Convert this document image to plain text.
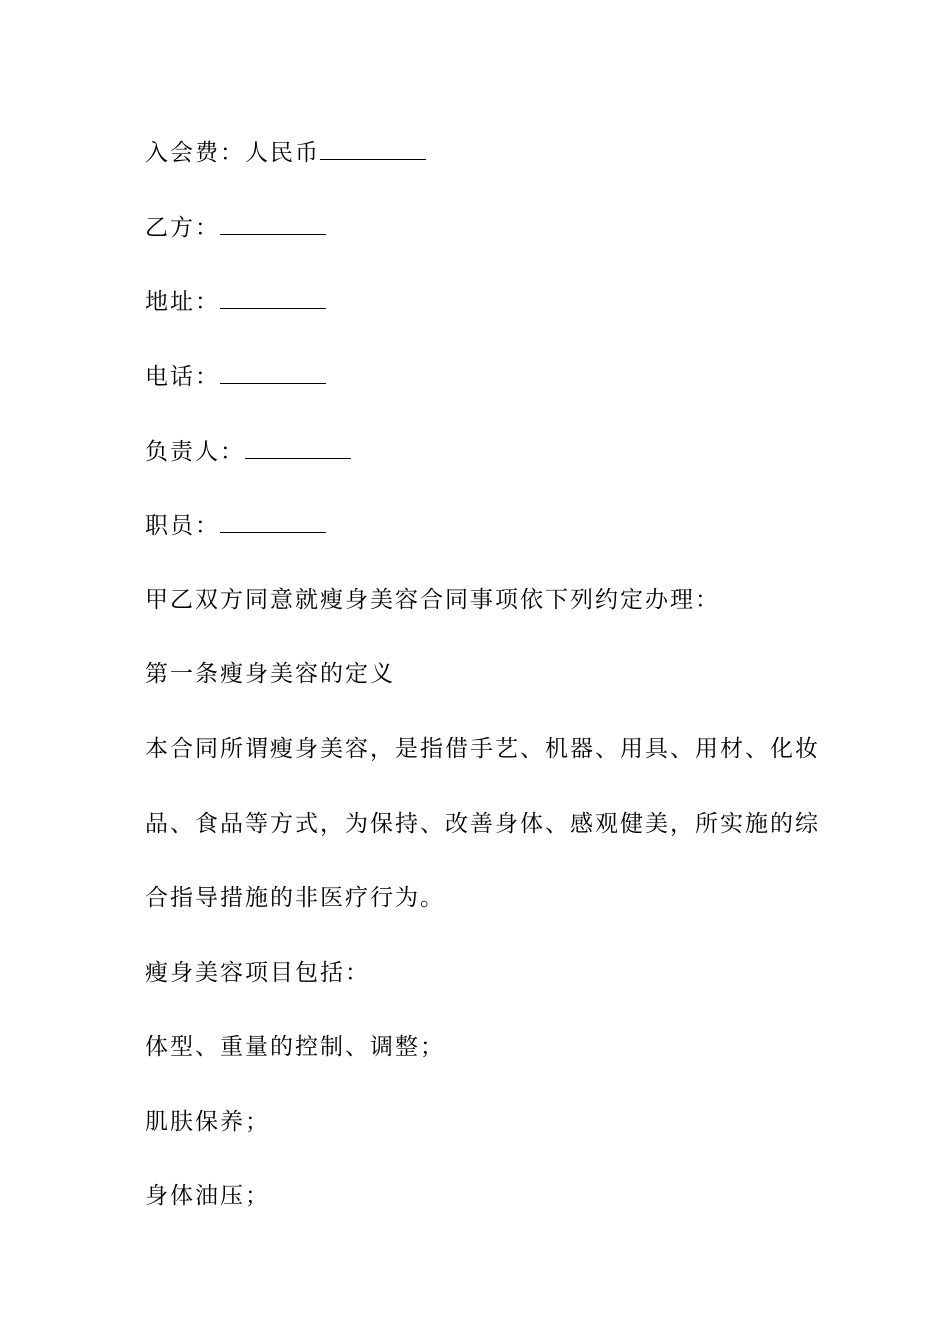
入会费：人民币
乙方：
地址：
电话：
负责人：
职员：
甲乙双方同意就瘦身美容合同事项依下列约定办理：
第一条瘦身美容的定义
本合同所谓瘦身美容，是指借手艺、机器、用具、用材、化妆
品、食品等方式，为保持、改善身体、感观健美，所实施的综
合指导措施的非医疗行为。
瘦身美容项目包括：
体型、重量的控制、调整；
肌肤保养；
身体油压；
